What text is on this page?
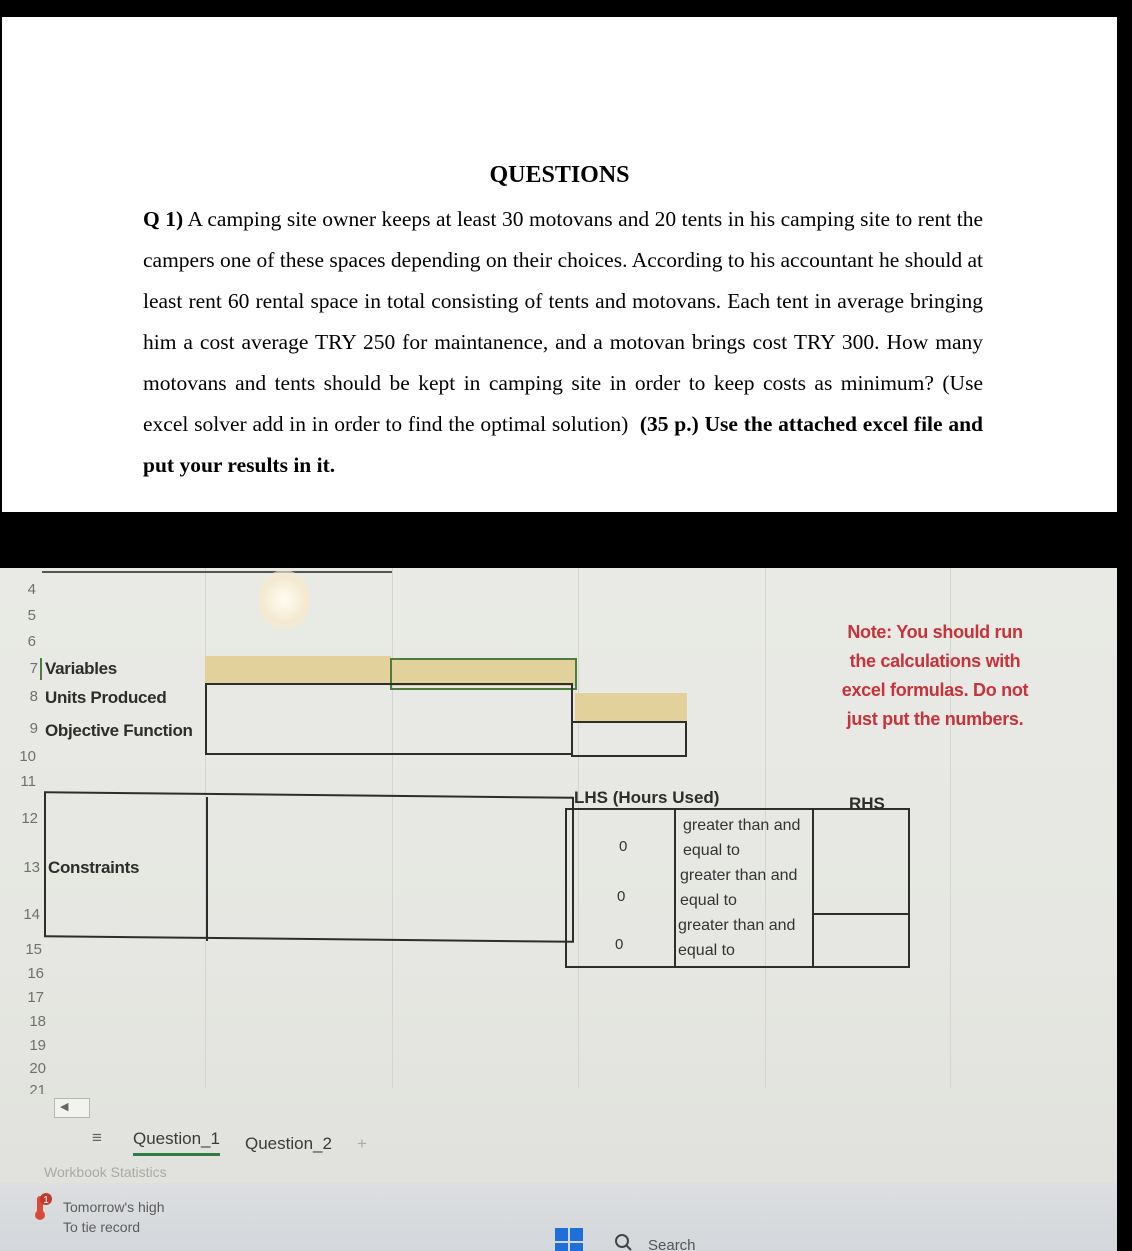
QUESTIONS
Q 1) A camping site owner keeps at least 30 motovans and 20 tents in his camping site to rent the campers one of these spaces depending on their choices. According to his accountant he should at least rent 60 rental space in total consisting of tents and motovans. Each tent in average bringing him a cost average TRY 250 for maintanence, and a motovan brings cost TRY 300. How many motovans and tents should be kept in camping site in order to keep costs as minimum? (Use excel solver add in in order to find the optimal solution) (35 p.) Use the attached excel file and put your results in it.
4
5
6
7
8
9
10
11
12
13
14
15
16
17
18
19
20
21
Variables
Units Produced
Objective Function
Constraints
Note: You should run the calculations with excel formulas. Do not just put the numbers.
LHS (Hours Used)	RHS
0
greater than and equal to
0
greater than and equal to
0
greater than and equal to
◀
≡ Question_1 Question_2 +
Workbook Statistics
1 Tomorrow's high
To tie record
Search
